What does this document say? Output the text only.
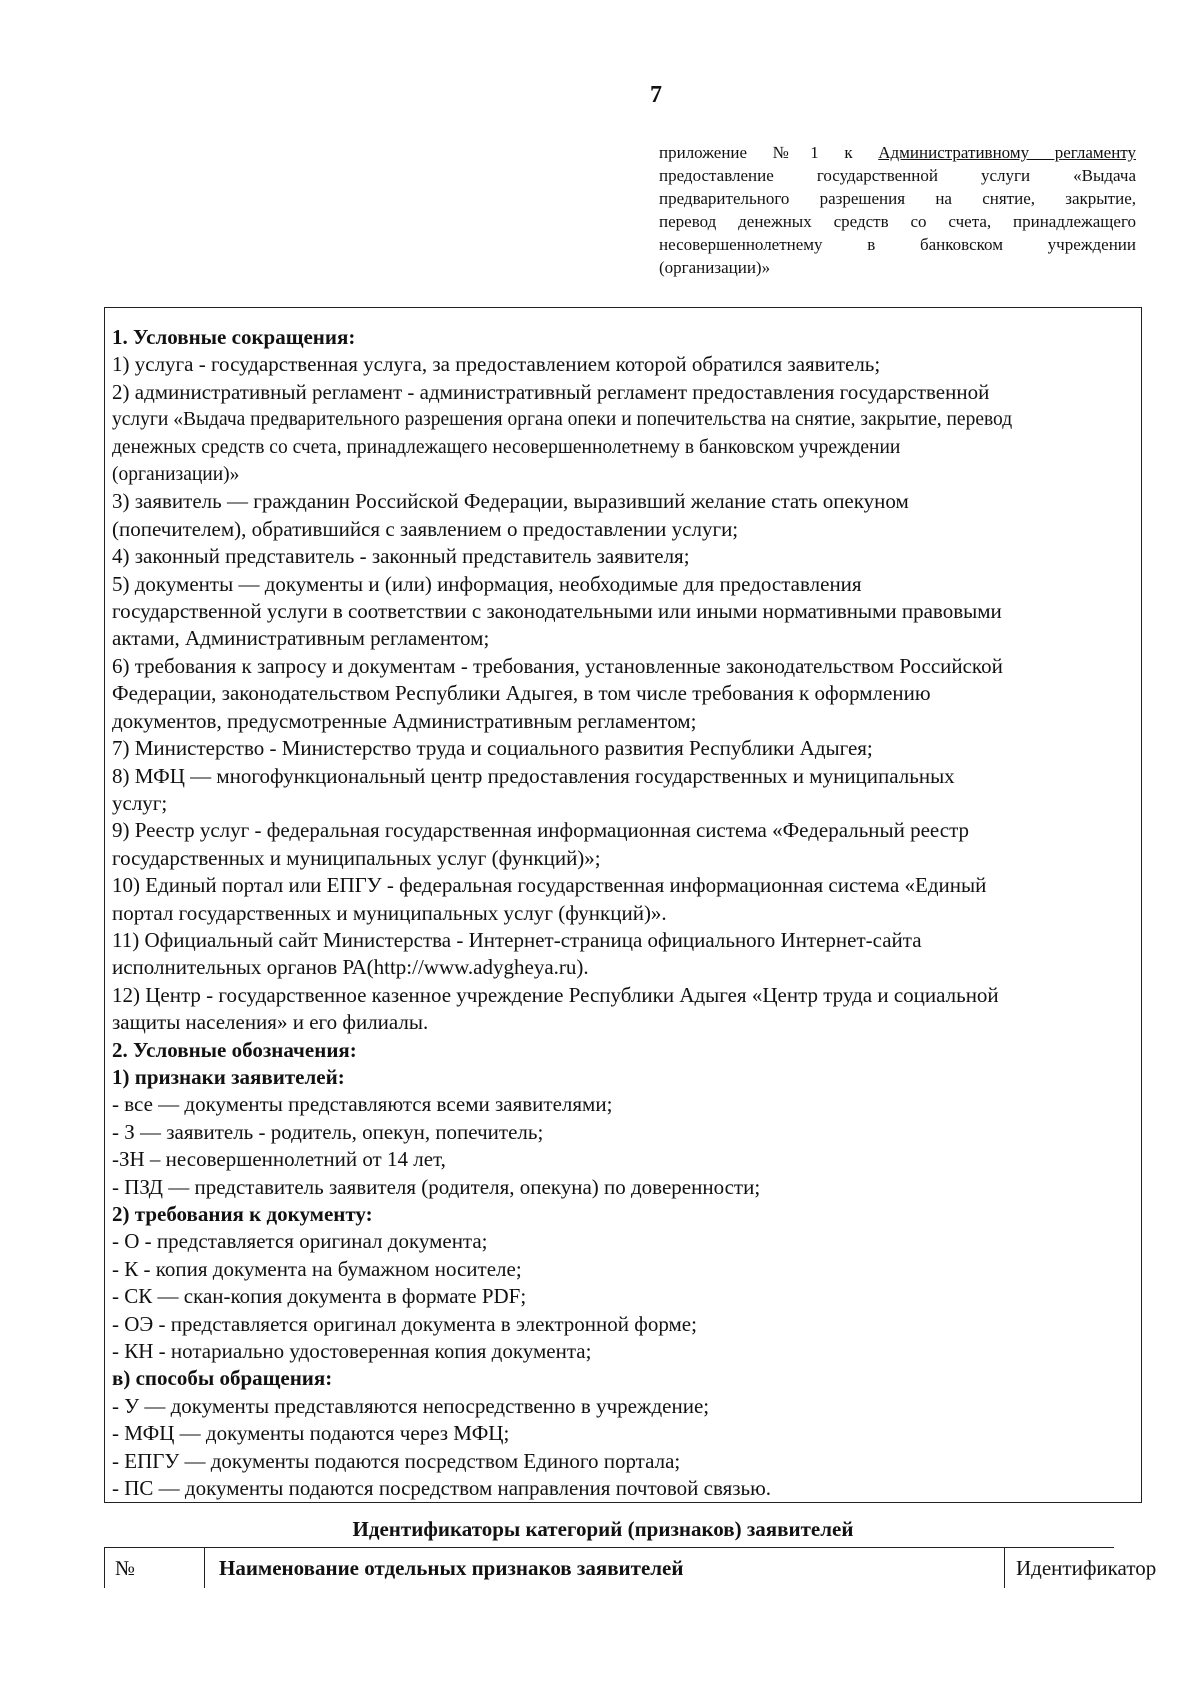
7
приложение №1 к Административному регламенту
предоставление государственной услуги «Выдача
предварительного разрешения на снятие, закрытие,
перевод денежных средств со счета, принадлежащего
несовершеннолетнему в банковском учреждении
(организации)»
1. Условные сокращения:
1) услуга - государственная услуга, за предоставлением которой обратился заявитель;
2) административный регламент - административный регламент предоставления государственной
услуги «Выдача предварительного разрешения органа опеки и попечительства на снятие, закрытие, перевод
денежных средств со счета, принадлежащего несовершеннолетнему в банковском учреждении
(организации)»
3) заявитель — гражданин Российской Федерации, выразивший желание стать опекуном
(попечителем), обратившийся с заявлением о предоставлении услуги;
4) законный представитель - законный представитель заявителя;
5) документы — документы и (или) информация, необходимые для предоставления
государственной услуги в соответствии с законодательными или иными нормативными правовыми
актами, Административным регламентом;
6) требования к запросу и документам - требования, установленные законодательством Российской
Федерации, законодательством Республики Адыгея, в том числе требования к оформлению
документов, предусмотренные Административным регламентом;
7) Министерство - Министерство труда и социального развития Республики Адыгея;
8) МФЦ — многофункциональный центр предоставления государственных и муниципальных
услуг;
9) Реестр услуг - федеральная государственная информационная система «Федеральный реестр
государственных и муниципальных услуг (функций)»;
10) Единый портал или ЕПГУ - федеральная государственная информационная система «Единый
портал государственных и муниципальных услуг (функций)».
11) Официальный сайт Министерства - Интернет-страница официального Интернет-сайта
исполнительных органов РА(http://www.adygheya.ru).
12) Центр - государственное казенное учреждение Республики Адыгея «Центр труда и социальной
защиты населения» и его филиалы.
2. Условные обозначения:
1) признаки заявителей:
- все — документы представляются всеми заявителями;
- З — заявитель - родитель, опекун, попечитель;
-ЗН – несовершеннолетний от 14 лет,
- ПЗД — представитель заявителя (родителя, опекуна) по доверенности;
2) требования к документу:
- О - представляется оригинал документа;
- К - копия документа на бумажном носителе;
- СК — скан-копия документа в формате PDF;
- ОЭ - представляется оригинал документа в электронной форме;
- КН - нотариально удостоверенная копия документа;
в) способы обращения:
- У — документы представляются непосредственно в учреждение;
- МФЦ — документы подаются через МФЦ;
- ЕПГУ — документы подаются посредством Единого портала;
- ПС — документы подаются посредством направления почтовой связью.
Идентификаторы категорий (признаков) заявителей
№	Наименование отдельных признаков заявителей	Идентификатор
